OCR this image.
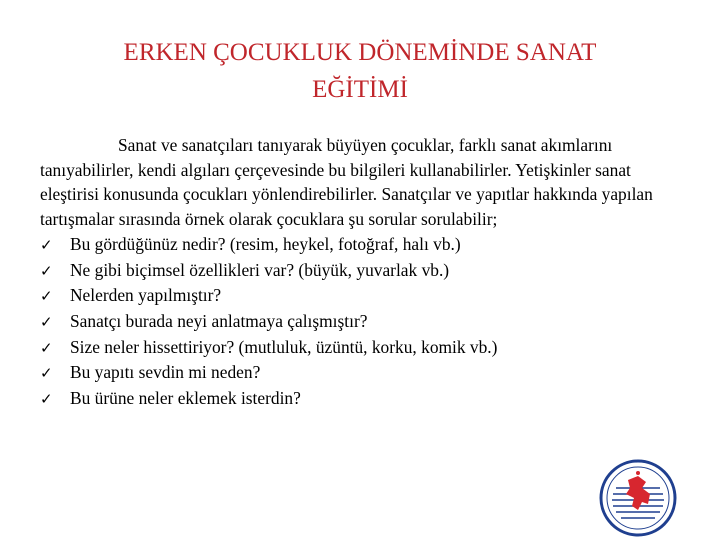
ERKEN ÇOCUKLUK DÖNEMİNDE SANAT
EĞİTİMİ

Sanat ve sanatçıları tanıyarak büyüyen çocuklar, farklı sanat akımlarını tanıyabilirler, kendi algıları çerçevesinde bu bilgileri kullanabilirler. Yetişkinler sanat eleştirisi konusunda çocukları yönlendirebilirler. Sanatçılar ve yapıtlar hakkında yapılan tartışmalar sırasında örnek olarak çocuklara şu sorular sorulabilir;

✓	Bu gördüğünüz nedir? (resim, heykel, fotoğraf, halı vb.)
✓	Ne gibi biçimsel özellikleri var? (büyük, yuvarlak vb.)
✓	Nelerden yapılmıştır?
✓	Sanatçı burada neyi anlatmaya çalışmıştır?
✓	Size neler hissettiriyor? (mutluluk, üzüntü, korku, komik vb.)
✓	Bu yapıtı sevdin mi neden?
✓	Bu ürüne neler eklemek isterdin?
